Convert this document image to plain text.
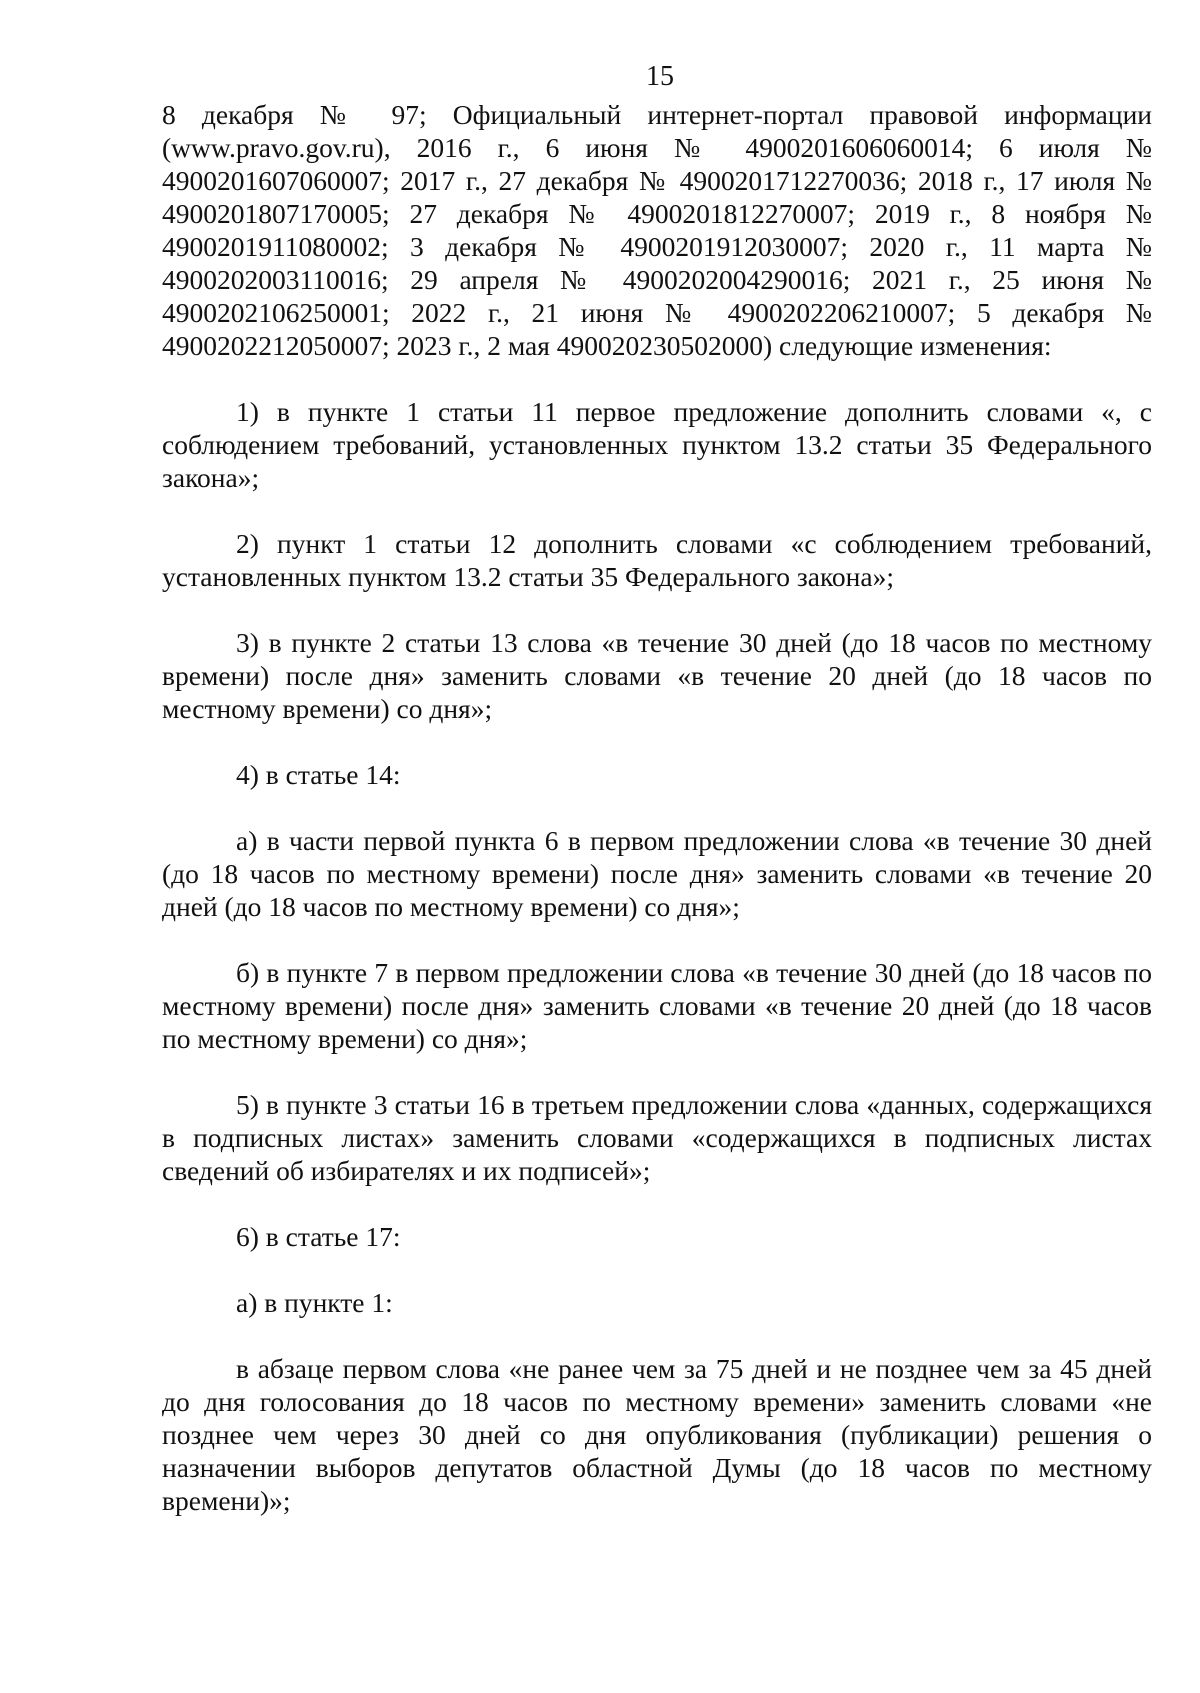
15

8 декабря № 97; Официальный интернет-портал правовой информации (www.pravo.gov.ru), 2016 г., 6 июня № 4900201606060014; 6 июля № 4900201607060007; 2017 г., 27 декабря № 4900201712270036; 2018 г., 17 июля № 4900201807170005; 27 декабря № 4900201812270007; 2019 г., 8 ноября № 4900201911080002; 3 декабря № 4900201912030007; 2020 г., 11 марта № 4900202003110016; 29 апреля № 4900202004290016; 2021 г., 25 июня № 4900202106250001; 2022 г., 21 июня № 4900202206210007; 5 декабря № 4900202212050007; 2023 г., 2 мая 490020230502000) следующие изменения:

1) в пункте 1 статьи 11 первое предложение дополнить словами «, с соблюдением требований, установленных пунктом 13.2 статьи 35 Федерального закона»;

2) пункт 1 статьи 12 дополнить словами «с соблюдением требований, установленных пунктом 13.2 статьи 35 Федерального закона»;

3) в пункте 2 статьи 13 слова «в течение 30 дней (до 18 часов по местному времени) после дня» заменить словами «в течение 20 дней (до 18 часов по местному времени) со дня»;

4) в статье 14:

а) в части первой пункта 6 в первом предложении слова «в течение 30 дней (до 18 часов по местному времени) после дня» заменить словами «в течение 20 дней (до 18 часов по местному времени) со дня»;

б) в пункте 7 в первом предложении слова «в течение 30 дней (до 18 часов по местному времени) после дня» заменить словами «в течение 20 дней (до 18 часов по местному времени) со дня»;

5) в пункте 3 статьи 16 в третьем предложении слова «данных, содержащихся в подписных листах» заменить словами «содержащихся в подписных листах сведений об избирателях и их подписей»;

6) в статье 17:

а) в пункте 1:

в абзаце первом слова «не ранее чем за 75 дней и не позднее чем за 45 дней до дня голосования до 18 часов по местному времени» заменить словами «не позднее чем через 30 дней со дня опубликования (публикации) решения о назначении выборов депутатов областной Думы (до 18 часов по местному времени)»;
